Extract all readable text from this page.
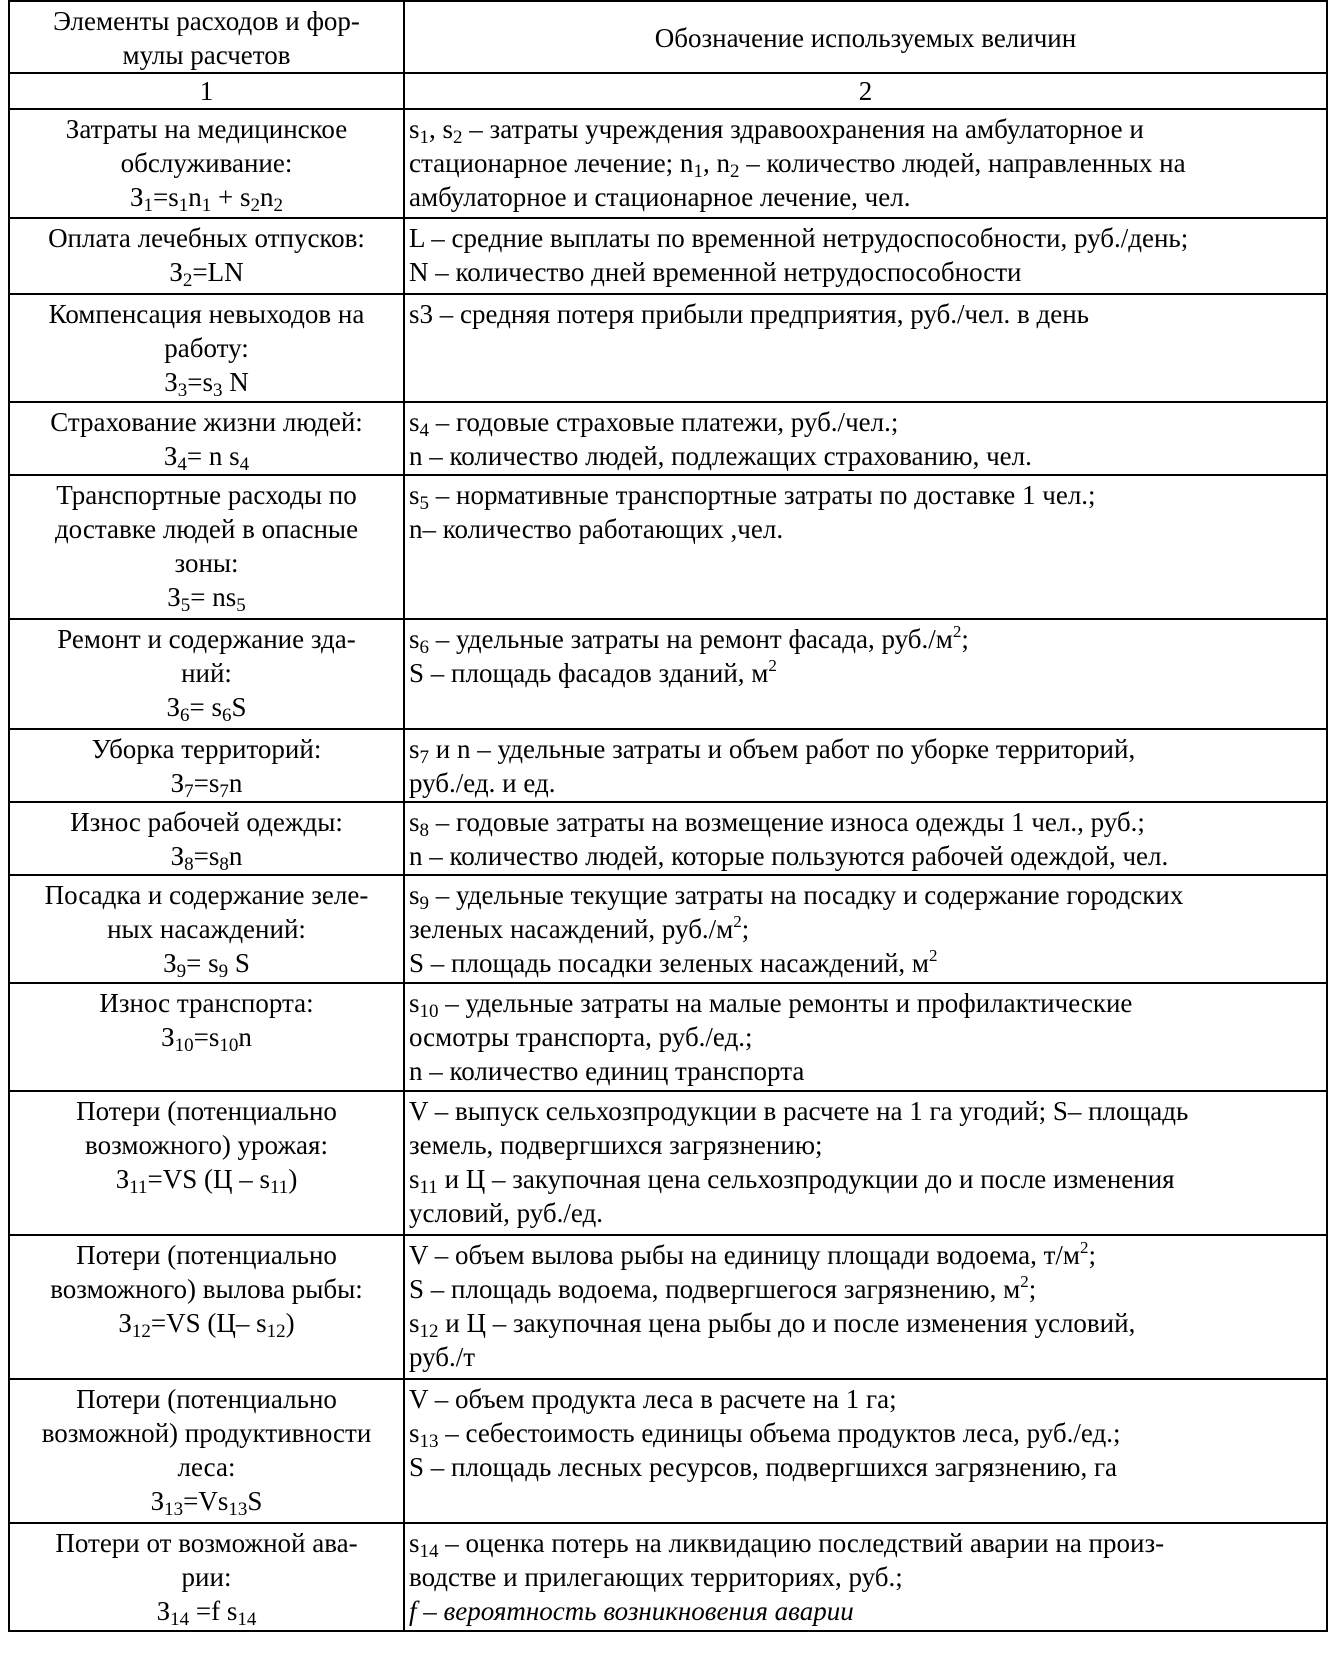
Элементы расходов и фор-
мулы расчетов	Обозначение используемых величин
1	2

Затраты на медицинское
обслуживание:
$З_1=s_1n_1 + s_2n_2$	$s_1$, $s_2$ – затраты учреждения здравоохранения на амбулаторное и
стационарное лечение; $n_1$, $n_2$ – количество людей, направленных на
амбулаторное и стационарное лечение, чел.

Оплата лечебных отпусков:
$З_2=LN$	L – средние выплаты по временной нетрудоспособности, руб./день;
N – количество дней временной нетрудоспособности

Компенсация невыходов на
работу:
$З_3=s_3$ N	s3 – средняя потеря прибыли предприятия, руб./чел. в день

Страхование жизни людей:
$З_4= n$ $s_4$	$s_4$ – годовые страховые платежи, руб./чел.;
n – количество людей, подлежащих страхованию, чел.

Транспортные расходы по
доставке людей в опасные
зоны:
$З_5= ns_5$	$s_5$ – нормативные транспортные затраты по доставке 1 чел.;
n– количество работающих ,чел.

Ремонт и содержание зда-
ний:
$З_6= s_6S$	$s_6$ – удельные затраты на ремонт фасада, $руб./м^2$;
S – площадь фасадов зданий, $м^2$

Уборка территорий:
$З_7=s_7n$	$s_7$ и n – удельные затраты и объем работ по уборке территорий,
руб./ед. и ед.

Износ рабочей одежды:
$З_8=s_8n$	$s_8$ – годовые затраты на возмещение износа одежды 1 чел., руб.;
n – количество людей, которые пользуются рабочей одеждой, чел.

Посадка и содержание зеле-
ных насаждений:
$З_9= s_9$ S	$s_9$ – удельные текущие затраты на посадку и содержание городских
зеленых насаждений, $руб./м^2$;
S – площадь посадки зеленых насаждений, $м^2$

Износ транспорта:
$З_{10}=s_{10}n$	$s_{10}$ – удельные затраты на малые ремонты и профилактические
осмотры транспорта, руб./ед.;
n – количество единиц транспорта

Потери (потенциально
возможного) урожая:
$З_{11}=VS$ $(Ц - s_{11})$	V – выпуск сельхозпродукции в расчете на 1 га угодий; S– площадь
земель, подвергшихся загрязнению;
$s_{11}$ и Ц – закупочная цена сельхозпродукции до и после изменения
условий, руб./ед.

Потери (потенциально
возможного) вылова рыбы:
$З_{12}=VS$ (Ц– $s_{12}$)	V – объем вылова рыбы на единицу площади водоема, $т/м^2$;
S – площадь водоема, подвергшегося загрязнению, $м^2$;
$s_{12}$ и Ц – закупочная цена рыбы до и после изменения условий,
руб./т

Потери (потенциально
возможной) продуктивности
леса:
$З_{13}=Vs_{13}S$	V – объем продукта леса в расчете на 1 га;
$s_{13}$ – себестоимость единицы объема продуктов леса, руб./ед.;
S – площадь лесных ресурсов, подвергшихся загрязнению, га

Потери от возможной ава-
рии:
$З_{14} =f$ $s_{14}$	$s_{14}$ – оценка потерь на ликвидацию последствий аварии на произ-
водстве и прилегающих территориях, руб.;
f – вероятность возникновения аварии
